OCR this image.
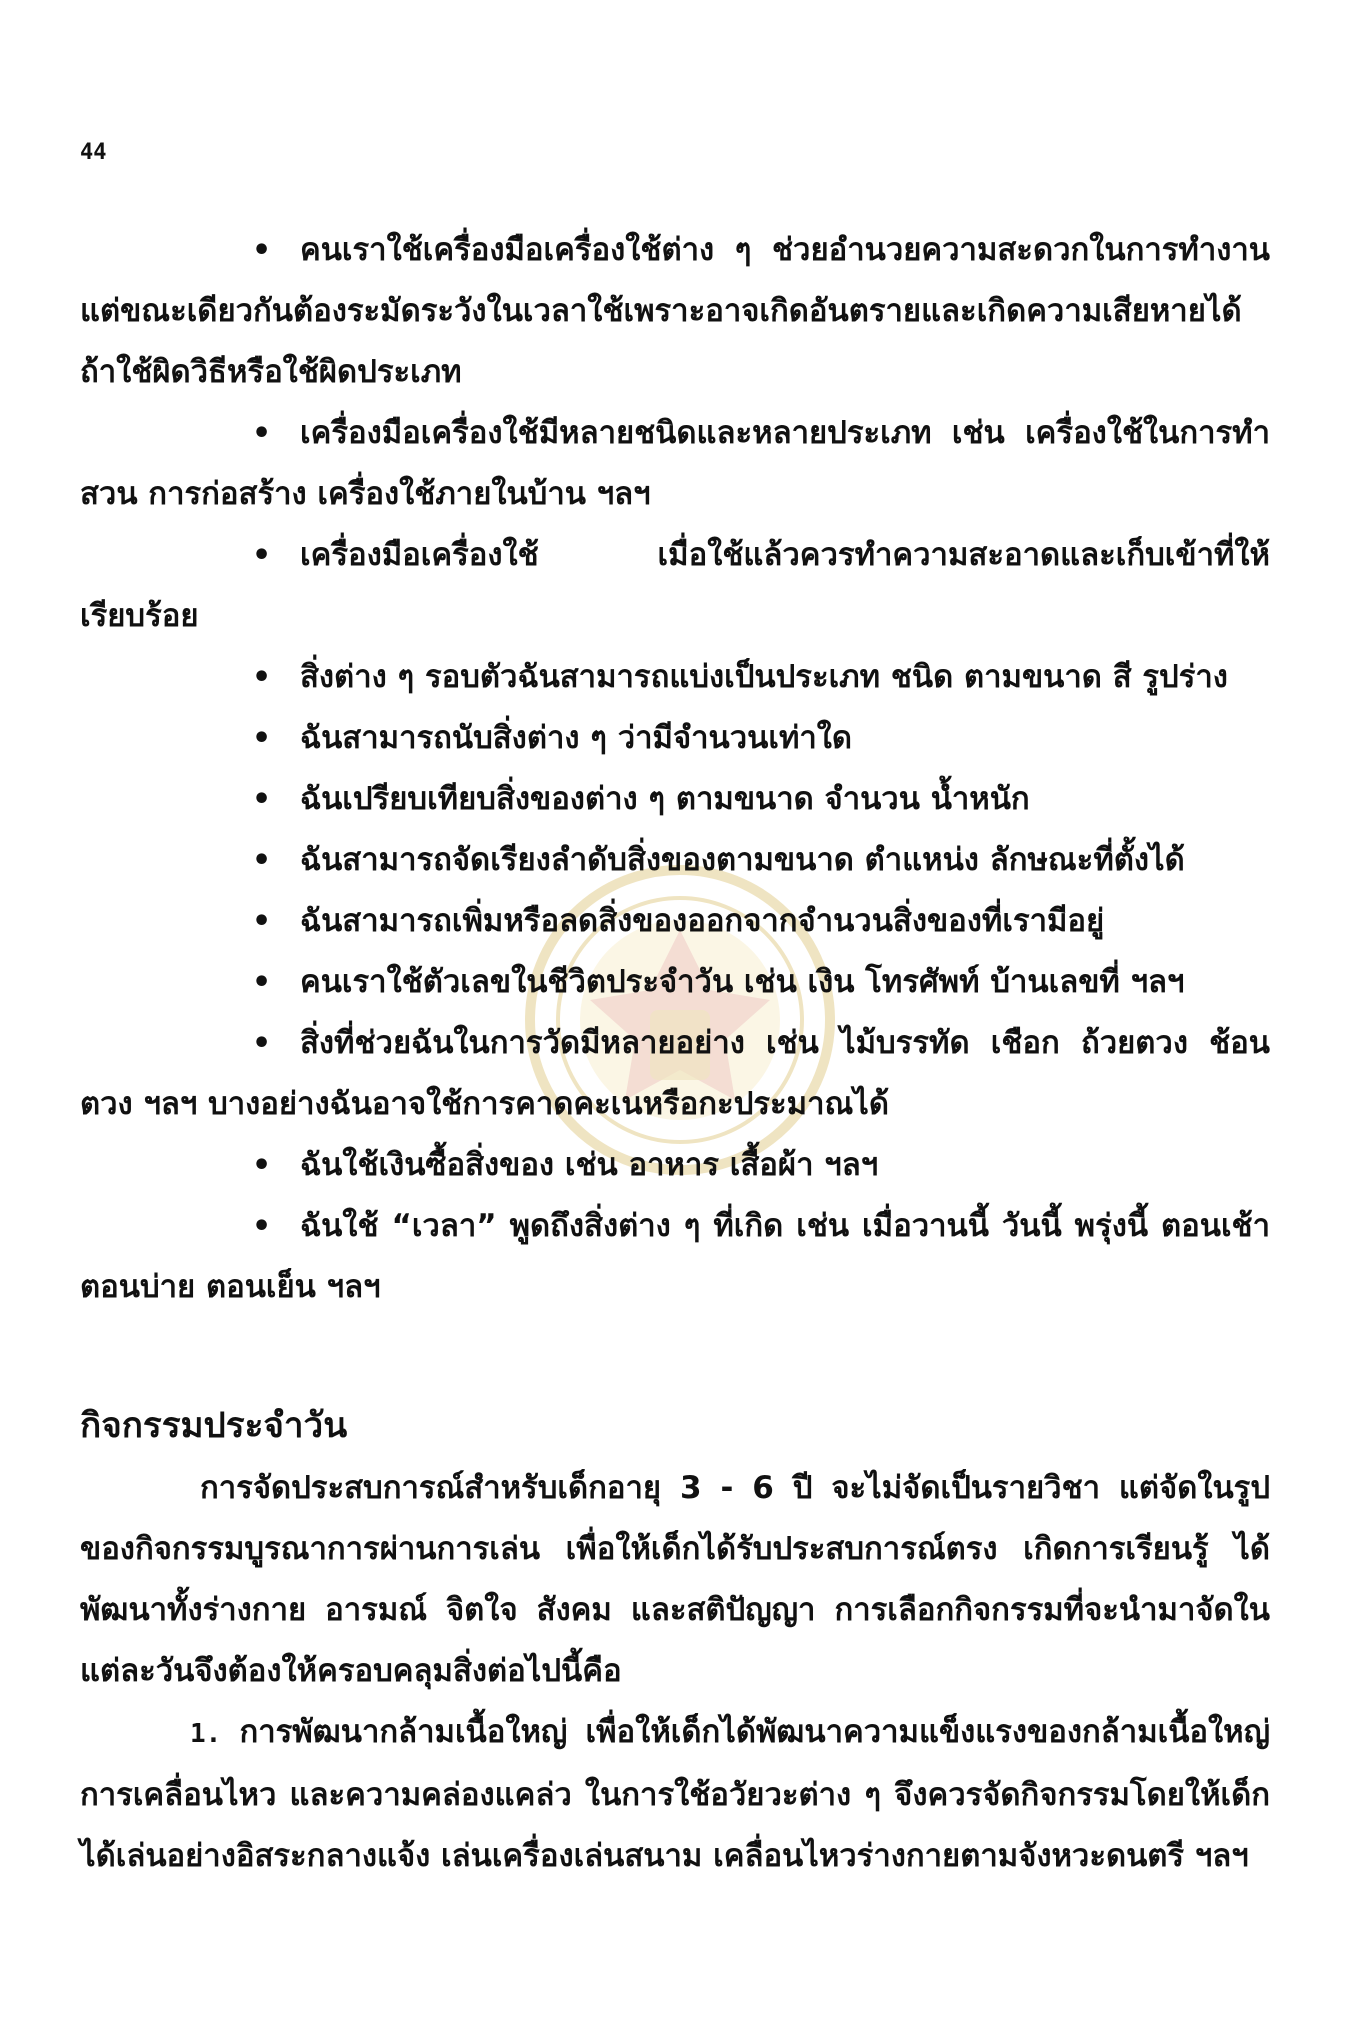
44
• คนเราใช้เครื่องมือเครื่องใช้ต่าง ๆ ช่วยอำนวยความสะดวกในการทำงาน แต่ขณะเดียวกันต้องระมัดระวังในเวลาใช้เพราะอาจเกิดอันตรายและเกิดความเสียหายได้ ถ้าใช้ผิดวิธีหรือใช้ผิดประเภท
• เครื่องมือเครื่องใช้มีหลายชนิดและหลายประเภท เช่น เครื่องใช้ในการทำสวน การก่อสร้าง เครื่องใช้ภายในบ้าน ฯลฯ
• เครื่องมือเครื่องใช้ เมื่อใช้แล้วควรทำความสะอาดและเก็บเข้าที่ให้เรียบร้อย
• สิ่งต่าง ๆ รอบตัวฉันสามารถแบ่งเป็นประเภท ชนิด ตามขนาด สี รูปร่าง
• ฉันสามารถนับสิ่งต่าง ๆ ว่ามีจำนวนเท่าใด
• ฉันเปรียบเทียบสิ่งของต่าง ๆ ตามขนาด จำนวน น้ำหนัก
• ฉันสามารถจัดเรียงลำดับสิ่งของตามขนาด ตำแหน่ง ลักษณะที่ตั้งได้
• ฉันสามารถเพิ่มหรือลดสิ่งของออกจากจำนวนสิ่งของที่เรามีอยู่
• คนเราใช้ตัวเลขในชีวิตประจำวัน เช่น เงิน โทรศัพท์ บ้านเลขที่ ฯลฯ
• สิ่งที่ช่วยฉันในการวัดมีหลายอย่าง เช่น ไม้บรรทัด เชือก ถ้วยตวง ช้อนตวง ฯลฯ บางอย่างฉันอาจใช้การคาดคะเนหรือกะประมาณได้
• ฉันใช้เงินซื้อสิ่งของ เช่น อาหาร เสื้อผ้า ฯลฯ
• ฉันใช้ “เวลา” พูดถึงสิ่งต่าง ๆ ที่เกิด เช่น เมื่อวานนี้ วันนี้ พรุ่งนี้ ตอนเช้า ตอนบ่าย ตอนเย็น ฯลฯ
กิจกรรมประจำวัน

การจัดประสบการณ์สำหรับเด็กอายุ 3 - 6 ปี จะไม่จัดเป็นรายวิชา แต่จัดในรูปของกิจกรรมบูรณาการผ่านการเล่น เพื่อให้เด็กได้รับประสบการณ์ตรง เกิดการเรียนรู้ ได้พัฒนาทั้งร่างกาย อารมณ์ จิตใจ สังคม และสติปัญญา การเลือกกิจกรรมที่จะนำมาจัดในแต่ละวันจึงต้องให้ครอบคลุมสิ่งต่อไปนี้คือ

1. การพัฒนากล้ามเนื้อใหญ่ เพื่อให้เด็กได้พัฒนาความแข็งแรงของกล้ามเนื้อใหญ่ การเคลื่อนไหว และความคล่องแคล่ว ในการใช้อวัยวะต่าง ๆ จึงควรจัดกิจกรรมโดยให้เด็กได้เล่นอย่างอิสระกลางแจ้ง เล่นเครื่องเล่นสนาม เคลื่อนไหวร่างกายตามจังหวะดนตรี ฯลฯ
